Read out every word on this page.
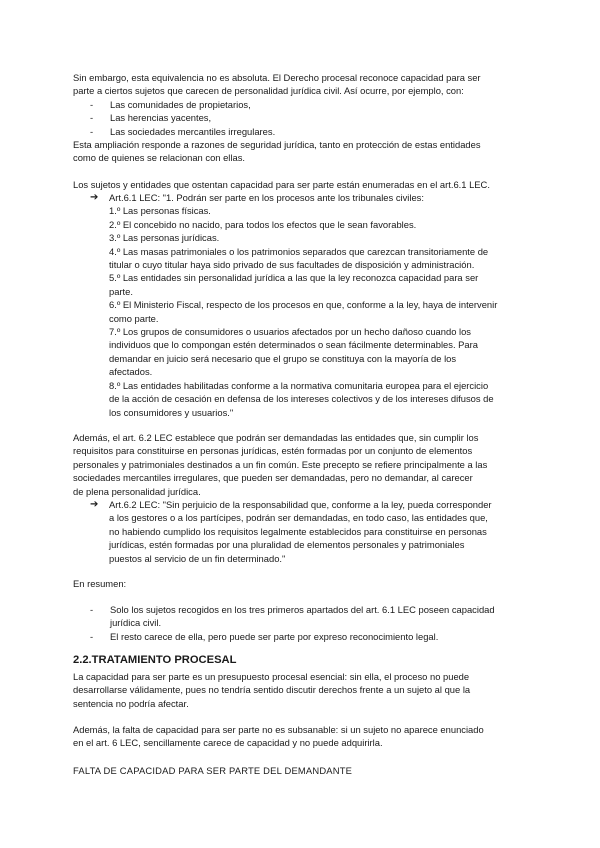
Sin embargo, esta equivalencia no es absoluta. El Derecho procesal reconoce capacidad para ser
parte a ciertos sujetos que carecen de personalidad jurídica civil. Así ocurre, por ejemplo, con:
- Las comunidades de propietarios,
- Las herencias yacentes,
- Las sociedades mercantiles irregulares.
Esta ampliación responde a razones de seguridad jurídica, tanto en protección de estas entidades
como de quienes se relacionan con ellas.
Los sujetos y entidades que ostentan capacidad para ser parte están enumeradas en el art.6.1 LEC.
➔ Art.6.1 LEC: "1. Podrán ser parte en los procesos ante los tribunales civiles:
1.º Las personas físicas.
2.º El concebido no nacido, para todos los efectos que le sean favorables.
3.º Las personas jurídicas.
4.º Las masas patrimoniales o los patrimonios separados que carezcan transitoriamente de
titular o cuyo titular haya sido privado de sus facultades de disposición y administración.
5.º Las entidades sin personalidad jurídica a las que la ley reconozca capacidad para ser
parte.
6.º El Ministerio Fiscal, respecto de los procesos en que, conforme a la ley, haya de intervenir
como parte.
7.º Los grupos de consumidores o usuarios afectados por un hecho dañoso cuando los
individuos que lo compongan estén determinados o sean fácilmente determinables. Para
demandar en juicio será necesario que el grupo se constituya con la mayoría de los
afectados.
8.º Las entidades habilitadas conforme a la normativa comunitaria europea para el ejercicio
de la acción de cesación en defensa de los intereses colectivos y de los intereses difusos de
los consumidores y usuarios."
Además, el art. 6.2 LEC establece que podrán ser demandadas las entidades que, sin cumplir los
requisitos para constituirse en personas jurídicas, estén formadas por un conjunto de elementos
personales y patrimoniales destinados a un fin común. Este precepto se refiere principalmente a las
sociedades mercantiles irregulares, que pueden ser demandadas, pero no demandar, al carecer
de plena personalidad jurídica.
➔ Art.6.2 LEC: "Sin perjuicio de la responsabilidad que, conforme a la ley, pueda corresponder
a los gestores o a los partícipes, podrán ser demandadas, en todo caso, las entidades que,
no habiendo cumplido los requisitos legalmente establecidos para constituirse en personas
jurídicas, estén formadas por una pluralidad de elementos personales y patrimoniales
puestos al servicio de un fin determinado."
En resumen:
- Solo los sujetos recogidos en los tres primeros apartados del art. 6.1 LEC poseen capacidad
jurídica civil.
- El resto carece de ella, pero puede ser parte por expreso reconocimiento legal.
2.2.TRATAMIENTO PROCESAL
La capacidad para ser parte es un presupuesto procesal esencial: sin ella, el proceso no puede
desarrollarse válidamente, pues no tendría sentido discutir derechos frente a un sujeto al que la
sentencia no podría afectar.
Además, la falta de capacidad para ser parte no es subsanable: si un sujeto no aparece enunciado
en el art. 6 LEC, sencillamente carece de capacidad y no puede adquirirla.
FALTA DE CAPACIDAD PARA SER PARTE DEL DEMANDANTE
